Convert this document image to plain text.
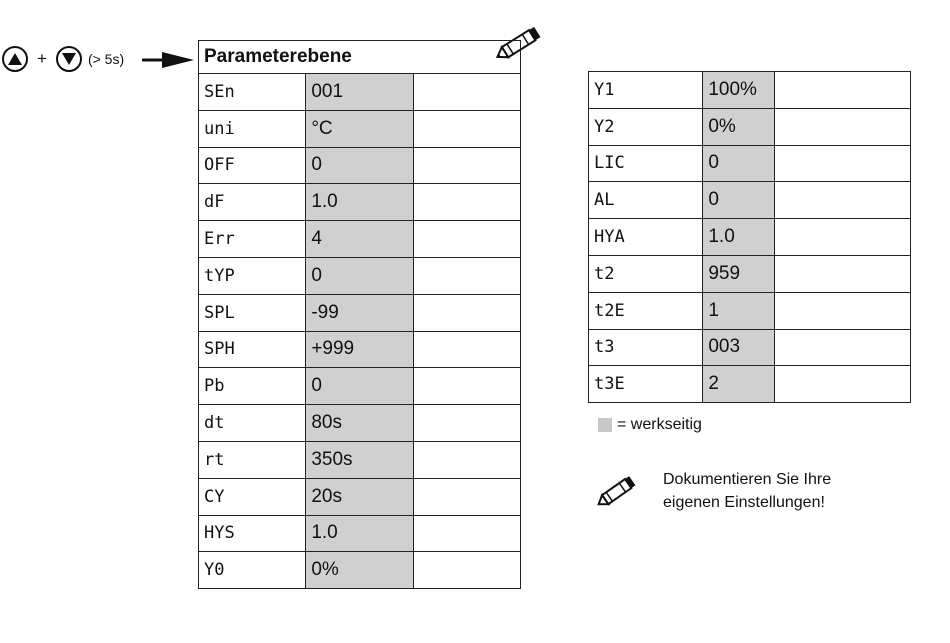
+	(> 5s)	Parameterebene		
SEn	001	
uni	°C	
OFF	0	
dF	1.0	
Err	4	
tYP	0	
SPL	-99	
SPH	+999	
Pb	0	
dt	80s	
rt	350s	
CY	20s	
HYS	1.0	
Y0	0%	
Y1	100%	
Y2	0%	
LIC	0	
AL	0	
HYA	1.0	
t2	959	
t2E	1	
t3	003	
t3E	2	
= werkseitig
Dokumentieren Sie Ihre
eigenen Einstellungen!
